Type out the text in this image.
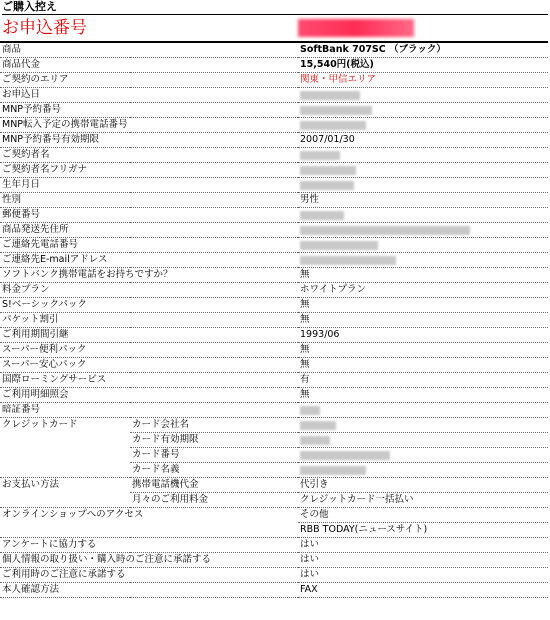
ご購入控え
お申込番号
商品		SoftBank 707SC （ブラック）
商品代金		15,540円(税込)
ご契約のエリア		関東・甲信エリア
お申込日		
MNP予約番号		
MNP転入予定の携帯電話番号		
MNP予約番号有効期限		2007/01/30
ご契約者名		
ご契約者名フリガナ		
生年月日		
性別		男性
郵便番号		
商品発送先住所		
ご連絡先電話番号		
ご連絡先E-mailアドレス		
ソフトバンク携帯電話をお持ちですか？		無
料金プラン		ホワイトプラン
S!ベーシックパック		無
パケット割引		無
ご利用期間引継		1993/06
スーパー便利パック		無
スーパー安心パック		無
国際ローミングサービス		有
ご利用明細照会		無
暗証番号		
クレジットカード	カード会社名	
	カード有効期限	
	カード番号	
	カード名義	
お支払い方法	携帯電話機代金	代引き
	月々のご利用料金	クレジットカード一括払い
オンラインショップへのアクセス		その他
		RBB TODAY(ニュースサイト)
アンケートに協力する		はい
個人情報の取り扱い・購入時のご注意に承諾する		はい
ご利用時のご注意に承諾する		はい
本人確認方法		FAX
